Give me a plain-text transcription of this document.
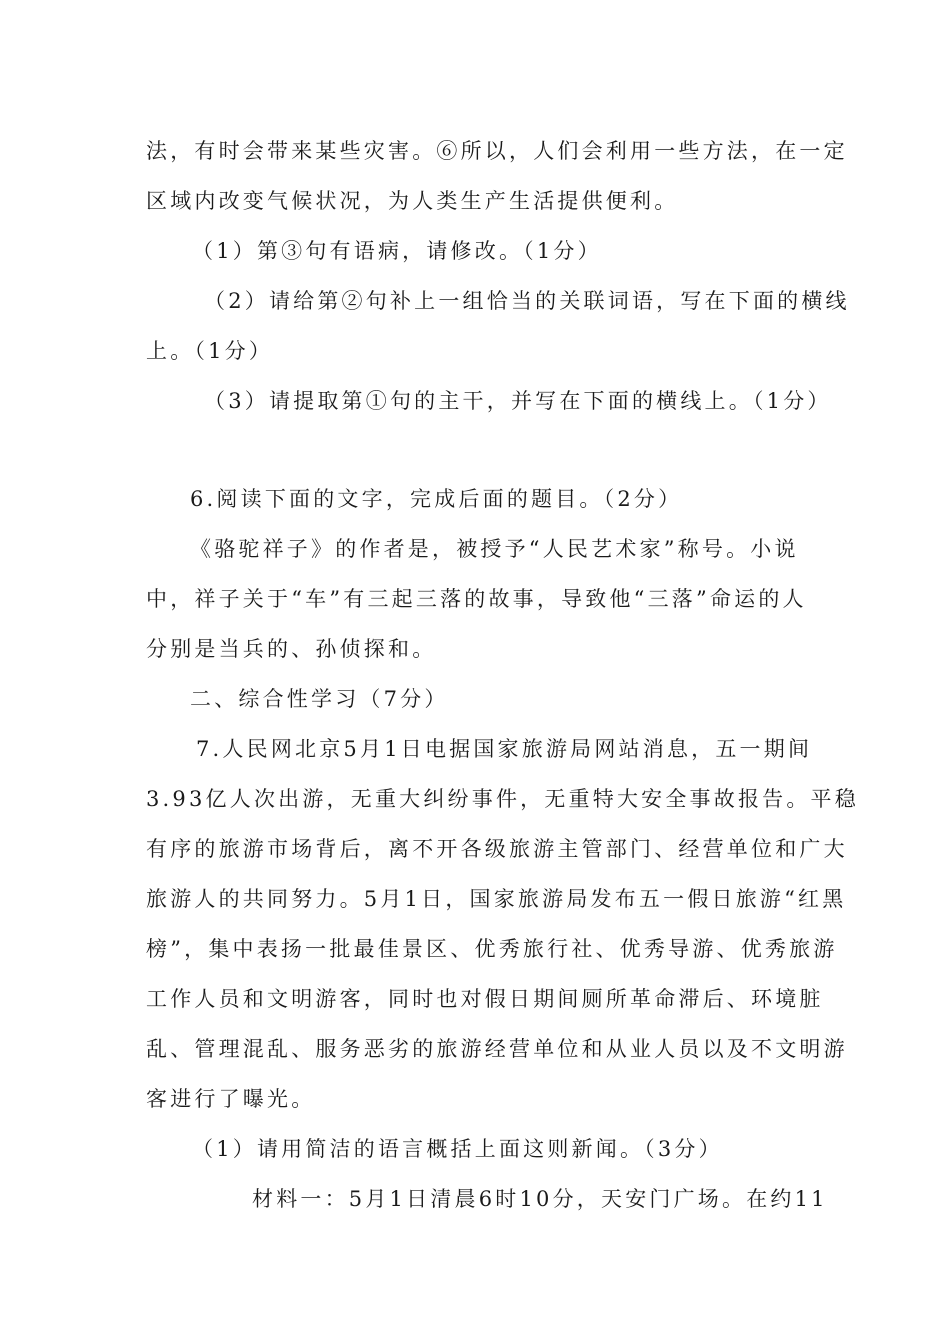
法，有时会带来某些灾害。⑥所以，人们会利用一些方法，在一定
区域内改变气候状况，为人类生产生活提供便利。
（1）第③句有语病，请修改。（1分）
（2）请给第②句补上一组恰当的关联词语，写在下面的横线
上。（1分）
（3）请提取第①句的主干，并写在下面的横线上。（1分）
6.阅读下面的文字，完成后面的题目。（2分）
《骆驼祥子》的作者是，被授予“人民艺术家”称号。小说
中，祥子关于“车”有三起三落的故事，导致他“三落”命运的人
分别是当兵的、孙侦探和。
二、综合性学习（7分）
7.人民网北京5月1日电据国家旅游局网站消息，五一期间
3.93亿人次出游，无重大纠纷事件，无重特大安全事故报告。平稳
有序的旅游市场背后，离不开各级旅游主管部门、经营单位和广大
旅游人的共同努力。5月1日，国家旅游局发布五一假日旅游“红黑
榜”，集中表扬一批最佳景区、优秀旅行社、优秀导游、优秀旅游
工作人员和文明游客，同时也对假日期间厕所革命滞后、环境脏
乱、管理混乱、服务恶劣的旅游经营单位和从业人员以及不文明游
客进行了曝光。
（1）请用简洁的语言概括上面这则新闻。（3分）
材料一：5月1日清晨6时10分，天安门广场。在约11
